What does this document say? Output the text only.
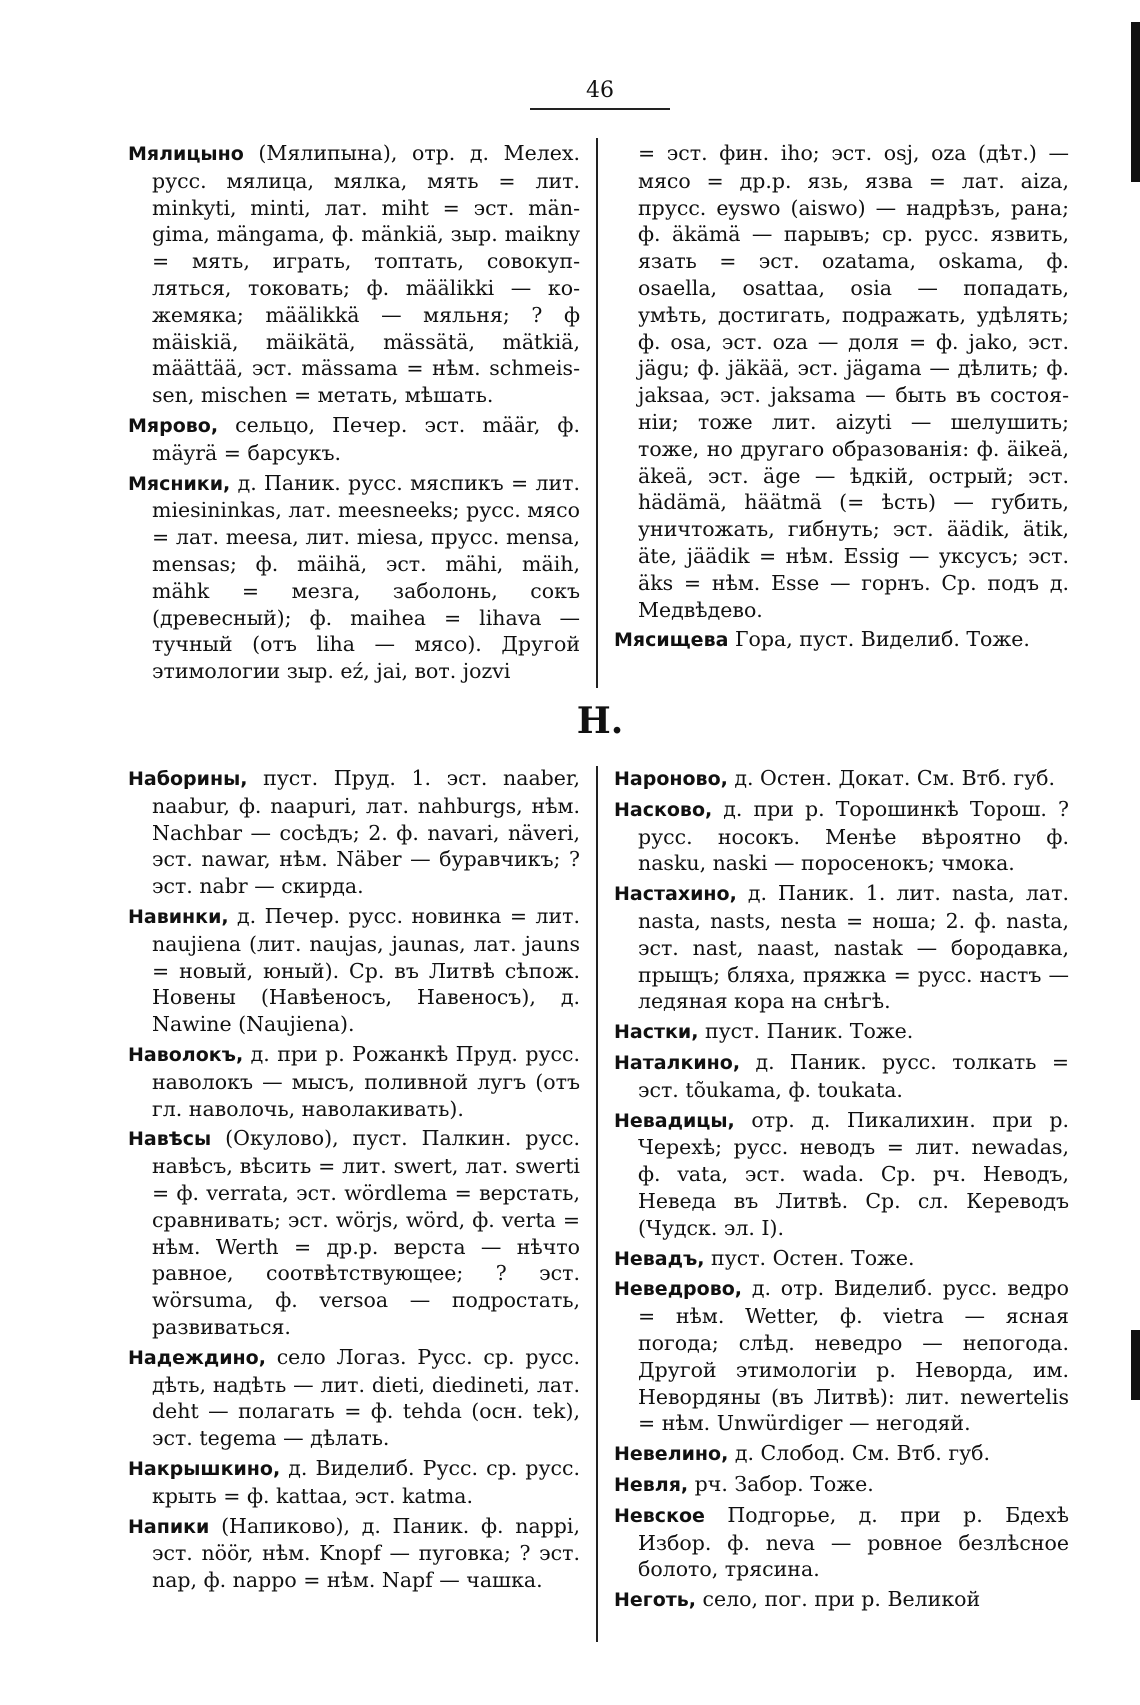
46

Мялицыно (Мялипына), отр. д. Мелех. русс. мялица, мялка, мять = лит. minkyti, minti, лат. miht = эст. mängima, mängama, ф. mänkiä, зыр. maikny = мять, играть, топтать, совокупляться, токовать; ф. määlikki — кожемяка; määlikkä — мяльня; ? ф mäiskiä, mäikätä, mässätä, mätkiä, määttää, эст. mässama = нѣм. schmeissen, mischen = метать, мѣшать.

Мярово, сельцо, Печер. эст. määr, ф. mäyrä = барсукъ.

Мясники, д. Паник. русс. мяспикъ = лит. miesininkas, лат. meesneeks; русс. мясо = лат. meesa, лит. miesa, прусс. mensa, mensas; ф. mäihä, эст. mähi, mäih, mähk = мезга, заболонь, сокъ (древесный); ф. maihea = lihava — тучный (отъ liha — мясо). Другой этимологии зыр. eź, jai, вот. jozvi

= эст. фин. iho; эст. osj, oza (дѣт.) — мясо = др.р. язь, язва = лат. aiza, прусс. eyswo (aiswo) — надрѣзъ, рана; ф. äkämä — парывъ; ср. русс. язвить, язать = эст. ozatama, oskama, ф. osaella, osattaa, osia — попадать, умѣть, достигать, подражать, удѣлять; ф. osa, эст. oza — доля = ф. jako, эст. jägu; ф. jäkää, эст. jägama — дѣлить; ф. jaksaa, эст. jaksama — быть въ состояніи; тоже лит. aizyti — шелушить; тоже, но другаго образованія: ф. äikeä, äkeä, эст. äge — ѣдкій, острый; эст. hädämä, häätmä (= ѣсть) — губить, уничтожать, гибнуть; эст. äädik, ätik, äte, jäädik = нѣм. Essig — уксусъ; эст. äks = нѣм. Esse — горнъ. Ср. подъ д. Медвѣдево.

Мясищева Гора, пуст. Виделиб. Тоже.

Н.

Наборины, пуст. Пруд. 1. эст. naaber, naabur, ф. naapuri, лат. nahburgs, нѣм. Nachbar — сосѣдъ; 2. ф. navari, näveri, эст. nawar, нѣм. Näber — буравчикъ; ? эст. nabr — скирда.

Навинки, д. Печер. русс. новинка = лит. naujiena (лит. naujas, jaunas, лат. jauns = новый, юный). Ср. въ Литвѣ сѣпож. Новены (Навѣеносъ, Навеносъ), д. Nawine (Naujiena).

Наволокъ, д. при р. Рожанкѣ Пруд. русс. наволокъ — мысъ, поливной лугъ (отъ гл. наволочь, наволакивать).

Навѣсы (Окулово), пуст. Палкин. русс. навѣсъ, вѣсить = лит. swert, лат. swerti = ф. verrata, эст. wördlema = верстать, сравнивать; эст. wörjs, wörd, ф. verta = нѣм. Werth = др.р. верста — нѣчто равное, соотвѣтствующее; ? эст. wörsuma, ф. versoa — подростать, развиваться.

Надеждино, село Логаз. Русс. ср. русс. дѣть, надѣть — лит. dieti, diedineti, лат. deht — полагать = ф. tehda (осн. tek), эст. tegema — дѣлать.

Накрышкино, д. Виделиб. Русс. ср. русс. крыть = ф. kattaa, эст. katma.

Напики (Напиково), д. Паник. ф. nappi, эст. nöör, нѣм. Knopf — пуговка; ? эст. nap, ф. nappo = нѣм. Napf — чашка.

Нароново, д. Остен. Докат. См. Втб. губ.

Насково, д. при р. Торошинкѣ Торош. ? русс. носокъ. Менѣе вѣроятно ф. nasku, naski — поросенокъ; чмока.

Настахино, д. Паник. 1. лит. nasta, лат. nasta, nasts, nesta = ноша; 2. ф. nasta, эст. nast, naast, nastak — бородавка, прыщъ; бляха, пряжка = русс. настъ — ледяная кора на снѣгѣ.

Настки, пуст. Паник. Тоже.

Наталкино, д. Паник. русс. толкать = эст. tõukama, ф. toukata.

Невадицы, отр. д. Пикалихин. при р. Черехѣ; русс. неводъ = лит. newadas, ф. vata, эст. wada. Ср. рч. Неводъ, Неведа въ Литвѣ. Ср. сл. Кереводъ (Чудск. эл. I).

Невадъ, пуст. Остен. Тоже.

Неведрово, д. отр. Виделиб. русс. ведро = нѣм. Wetter, ф. vietra — ясная погода; слѣд. неведро — непогода. Другой этимологіи р. Неворда, им. Невордяны (въ Литвѣ): лит. newertelis = нѣм. Unwürdiger — негодяй.

Невелино, д. Слобод. См. Втб. губ.

Невля, рч. Забор. Тоже.

Невское Подгорье, д. при р. Бдехѣ Избор. ф. neva — ровное безлѣсное болото, трясина.

Неготь, село, пог. при р. Великой
